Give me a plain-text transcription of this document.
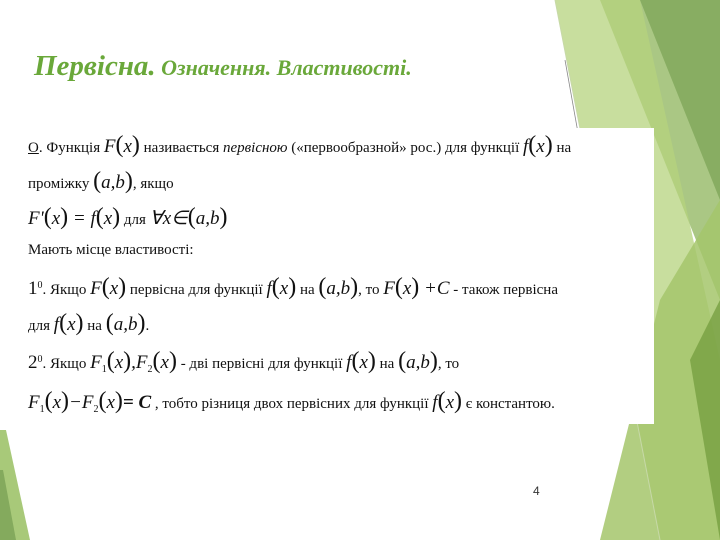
Первісна. Означення. Властивості.
О. Функція F(x) називається первісною («первообразной» рос.) для функції f(x) на
проміжку (a,b), якщо
F'(x) = f(x) для ∀x∈(a,b)
Мають місце властивості:
$1^0$. Якщо F(x) первісна для функції f(x) на (a,b), то F(x) +C - також первісна
для f(x) на (a,b).
$2^0$. Якщо $F_1(x),F_2(x)$ - дві первісні для функції f(x) на (a,b), то
$F_1(x)-F_2(x)= C$ , тобто різниця двох первісних для функції f(x) є константою.
4
